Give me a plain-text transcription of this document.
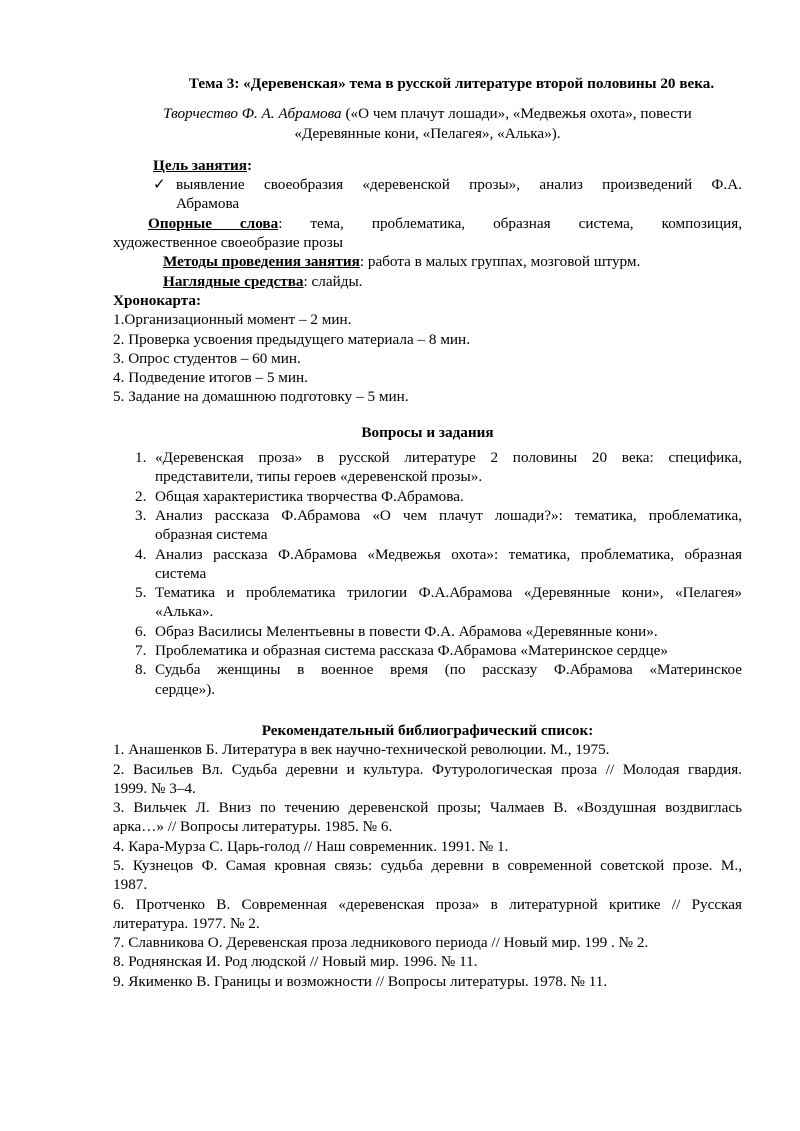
Тема 3: «Деревенская» тема в русской литературе второй половины 20 века.
Творчество Ф. А. Абрамова («О чем плачут лошади», «Медвежья охота», повести
«Деревянные кони, «Пелагея», «Алька»).
Цель занятия:
✓ выявление своеобразия «деревенской прозы», анализ произведений Ф.А.
Абрамова
Опорные слова: тема, проблематика, образная система, композиция,
художественное своеобразие прозы
Методы проведения занятия: работа в малых группах, мозговой штурм.
Наглядные средства: слайды.
Хронокарта:
1.Организационный момент – 2 мин.
2. Проверка усвоения предыдущего материала – 8 мин.
3. Опрос студентов – 60 мин.
4. Подведение итогов – 5 мин.
5. Задание на домашнюю подготовку – 5 мин.
Вопросы и задания
1. «Деревенская проза» в русской литературе 2 половины 20 века: специфика,
представители, типы героев «деревенской прозы».
2. Общая характеристика творчества Ф.Абрамова.
3. Анализ рассказа Ф.Абрамова «О чем плачут лошади?»: тематика, проблематика,
образная система
4. Анализ рассказа Ф.Абрамова «Медвежья охота»: тематика, проблематика, образная
система
5. Тематика и проблематика трилогии Ф.А.Абрамова «Деревянные кони», «Пелагея»
«Алька».
6. Образ Василисы Мелентьевны в повести Ф.А. Абрамова «Деревянные кони».
7. Проблематика и образная система рассказа Ф.Абрамова «Материнское сердце»
8. Судьба женщины в военное время (по рассказу Ф.Абрамова «Материнское
сердце»).
Рекомендательный библиографический список:
1. Анашенков Б. Литература в век научно-технической революции. М., 1975.
2. Васильев Вл. Судьба деревни и культура. Футурологическая проза // Молодая гвардия.
1999. № 3–4.
3. Вильчек Л. Вниз по течению деревенской прозы; Чалмаев В. «Воздушная воздвиглась
арка…» // Вопросы литературы. 1985. № 6.
4. Кара-Мурза С. Царь-голод // Наш современник. 1991. № 1.
5. Кузнецов Ф. Самая кровная связь: судьба деревни в современной советской прозе. М.,
1987.
6. Протченко В. Современная «деревенская проза» в литературной критике // Русская
литература. 1977. № 2.
7. Славникова О. Деревенская проза ледникового периода // Новый мир. 199 . № 2.
8. Роднянская И. Род людской // Новый мир. 1996. № 11.
9. Якименко В. Границы и возможности // Вопросы литературы. 1978. № 11.
